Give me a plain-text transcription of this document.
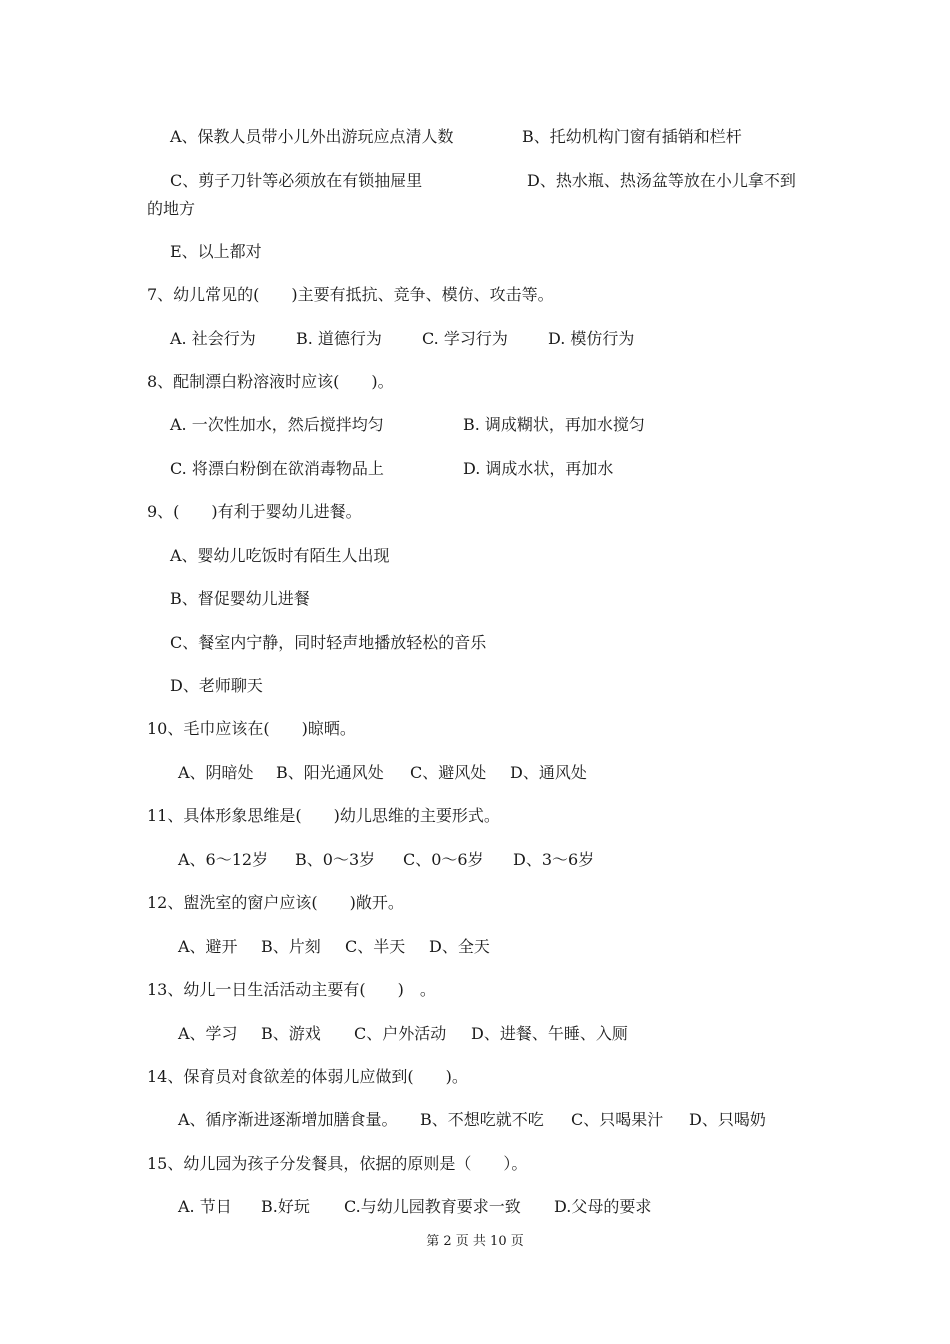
A、保教人员带小儿外出游玩应点清人数	B、托幼机构门窗有插销和栏杆
C、剪子刀针等必须放在有锁抽屉里	D、热水瓶、热汤盆等放在小儿拿不到
的地方
E、以上都对
7、幼儿常见的(　　)主要有抵抗、竞争、模仿、攻击等。
A. 社会行为	B. 道德行为	C. 学习行为	D. 模仿行为
8、配制漂白粉溶液时应该(　　)。
A. 一次性加水，然后搅拌均匀	B. 调成糊状，再加水搅匀
C. 将漂白粉倒在欲消毒物品上	D. 调成水状，再加水
9、(　　)有利于婴幼儿进餐。
A、婴幼儿吃饭时有陌生人出现
B、督促婴幼儿进餐
C、餐室内宁静，同时轻声地播放轻松的音乐
D、老师聊天
10、毛巾应该在(　　)晾晒。
A、阴暗处 B、阳光通风处 C、避风处 D、通风处
11、具体形象思维是(　　)幼儿思维的主要形式。
A、6～12岁 B、0～3岁 C、0～6岁 D、3～6岁
12、盥洗室的窗户应该(　　)敞开。
A、避开 B、片刻 C、半天 D、全天
13、幼儿一日生活活动主要有(　　)　。
A、学习 B、游戏 C、户外活动 D、进餐、午睡、入厕
14、保育员对食欲差的体弱儿应做到(　　)。
A、循序渐进逐渐增加膳食量。 B、不想吃就不吃 C、只喝果汁 D、只喝奶
15、幼儿园为孩子分发餐具，依据的原则是（　　）。
A. 节日 B.好玩 C.与幼儿园教育要求一致 D.父母的要求
第 2 页 共 10 页
